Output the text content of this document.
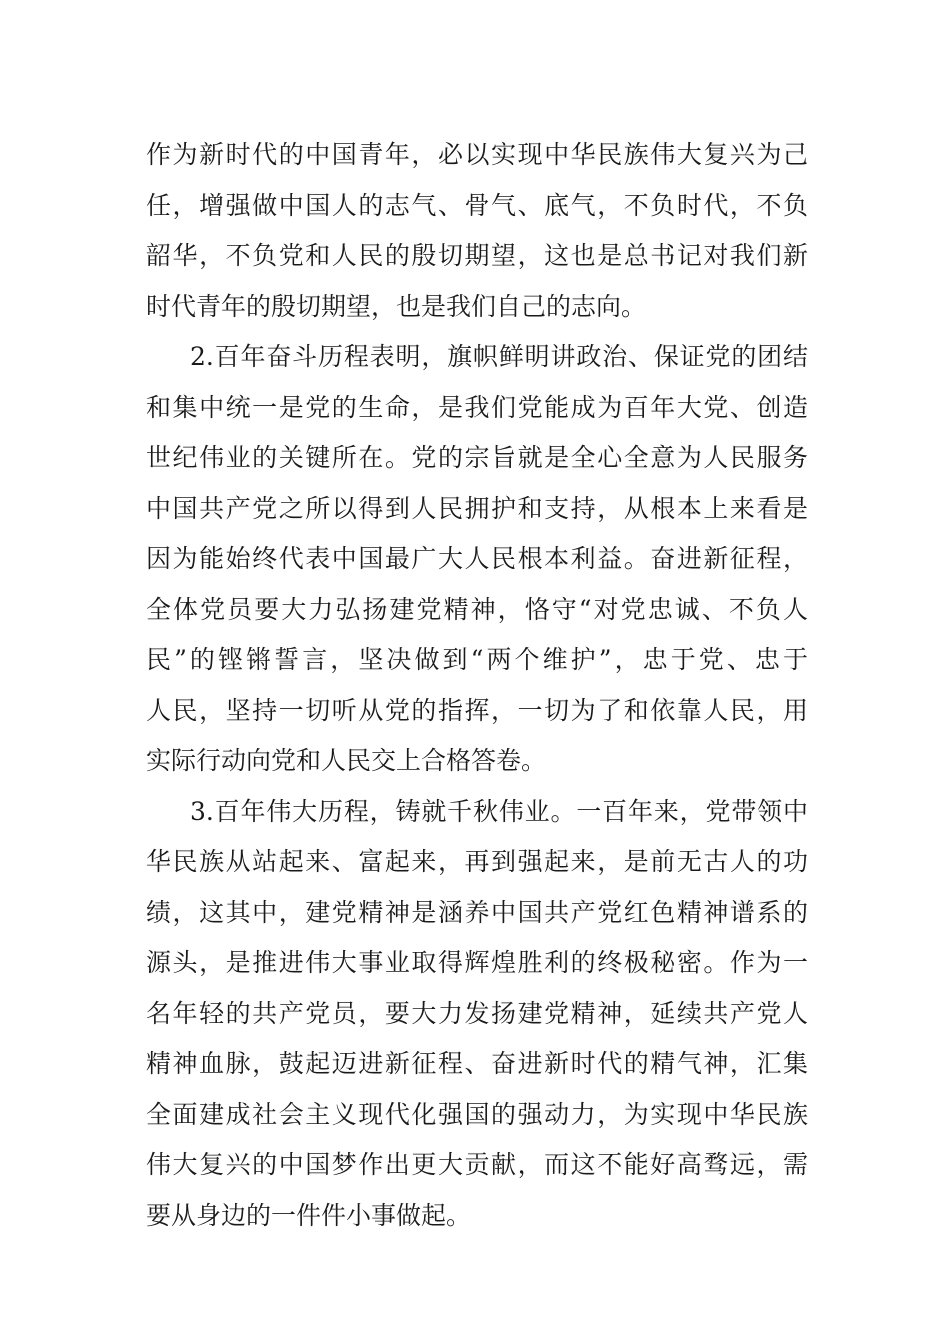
作为新时代的中国青年，必以实现中华民族伟大复兴为己
任，增强做中国人的志气、骨气、底气，不负时代，不负
韶华，不负党和人民的殷切期望，这也是总书记对我们新
时代青年的殷切期望，也是我们自己的志向。
2.百年奋斗历程表明，旗帜鲜明讲政治、保证党的团结
和集中统一是党的生命，是我们党能成为百年大党、创造
世纪伟业的关键所在。党的宗旨就是全心全意为人民服务
中国共产党之所以得到人民拥护和支持，从根本上来看是
因为能始终代表中国最广大人民根本利益。奋进新征程，
全体党员要大力弘扬建党精神，恪守“对党忠诚、不负人
民”的铿锵誓言，坚决做到“两个维护”，忠于党、忠于
人民，坚持一切听从党的指挥，一切为了和依靠人民，用
实际行动向党和人民交上合格答卷。
3.百年伟大历程，铸就千秋伟业。一百年来，党带领中
华民族从站起来、富起来，再到强起来，是前无古人的功
绩，这其中，建党精神是涵养中国共产党红色精神谱系的
源头，是推进伟大事业取得辉煌胜利的终极秘密。作为一
名年轻的共产党员，要大力发扬建党精神，延续共产党人
精神血脉，鼓起迈进新征程、奋进新时代的精气神，汇集
全面建成社会主义现代化强国的强动力，为实现中华民族
伟大复兴的中国梦作出更大贡献，而这不能好高骛远，需
要从身边的一件件小事做起。
